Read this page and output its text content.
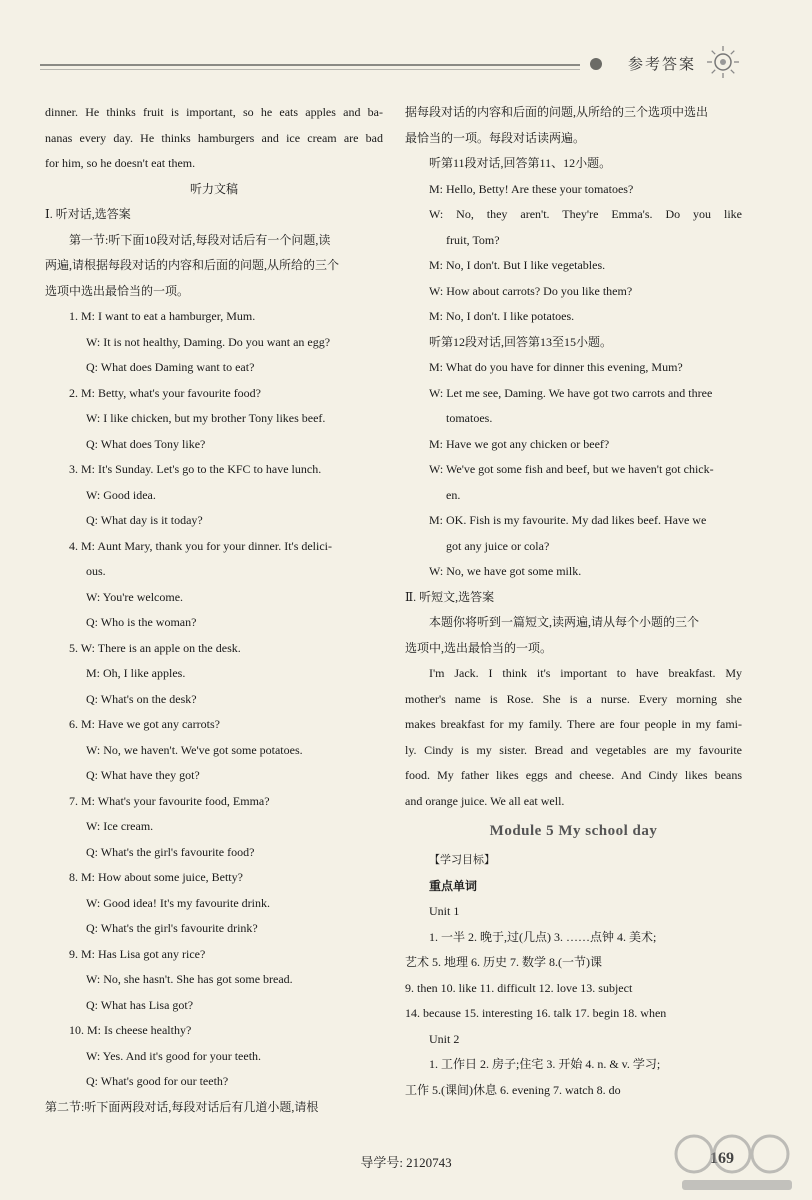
参考答案
dinner. He thinks fruit is important, so he eats apples and ba-
nanas every day. He thinks hamburgers and ice cream are bad
for him, so he doesn't eat them.
听力文稿
Ⅰ. 听对话,选答案
第一节:听下面10段对话,每段对话后有一个问题,读
两遍,请根据每段对话的内容和后面的问题,从所给的三个
选项中选出最恰当的一项。
1. M: I want to eat a hamburger, Mum.
W: It is not healthy, Daming. Do you want an egg?
Q: What does Daming want to eat?
2. M: Betty, what's your favourite food?
W: I like chicken, but my brother Tony likes beef.
Q: What does Tony like?
3. M: It's Sunday. Let's go to the KFC to have lunch.
W: Good idea.
Q: What day is it today?
4. M: Aunt Mary, thank you for your dinner. It's delici-
ous.
W: You're welcome.
Q: Who is the woman?
5. W: There is an apple on the desk.
M: Oh, I like apples.
Q: What's on the desk?
6. M: Have we got any carrots?
W: No, we haven't. We've got some potatoes.
Q: What have they got?
7. M: What's your favourite food, Emma?
W: Ice cream.
Q: What's the girl's favourite food?
8. M: How about some juice, Betty?
W: Good idea! It's my favourite drink.
Q: What's the girl's favourite drink?
9. M: Has Lisa got any rice?
W: No, she hasn't. She has got some bread.
Q: What has Lisa got?
10. M: Is cheese healthy?
W: Yes. And it's good for your teeth.
Q: What's good for our teeth?
第二节:听下面两段对话,每段对话后有几道小题,请根
据每段对话的内容和后面的问题,从所给的三个选项中选出
最恰当的一项。每段对话读两遍。
听第11段对话,回答第11、12小题。
M: Hello, Betty! Are these your tomatoes?
W: No, they aren't. They're Emma's. Do you like
fruit, Tom?
M: No, I don't. But I like vegetables.
W: How about carrots? Do you like them?
M: No, I don't. I like potatoes.
听第12段对话,回答第13至15小题。
M: What do you have for dinner this evening, Mum?
W: Let me see, Daming. We have got two carrots and three
tomatoes.
M: Have we got any chicken or beef?
W: We've got some fish and beef, but we haven't got chick-
en.
M: OK. Fish is my favourite. My dad likes beef. Have we
got any juice or cola?
W: No, we have got some milk.
Ⅱ. 听短文,选答案
本题你将听到一篇短文,读两遍,请从每个小题的三个
选项中,选出最恰当的一项。
I'm Jack. I think it's important to have breakfast. My
mother's name is Rose. She is a nurse. Every morning she
makes breakfast for my family. There are four people in my fami-
ly. Cindy is my sister. Bread and vegetables are my favourite
food. My father likes eggs and cheese. And Cindy likes beans
and orange juice. We all eat well.
Module 5 My school day
【学习目标】
重点单词
Unit 1
1. 一半 2. 晚于,过(几点) 3. ……点钟 4. 美术;
艺术 5. 地理 6. 历史 7. 数学 8.(一节)课
9. then 10. like 11. difficult 12. love 13. subject
14. because 15. interesting 16. talk 17. begin 18. when
Unit 2
1. 工作日 2. 房子;住宅 3. 开始 4. n. & v. 学习;
工作 5.(课间)休息 6. evening 7. watch 8. do
导学号: 2120743	169
